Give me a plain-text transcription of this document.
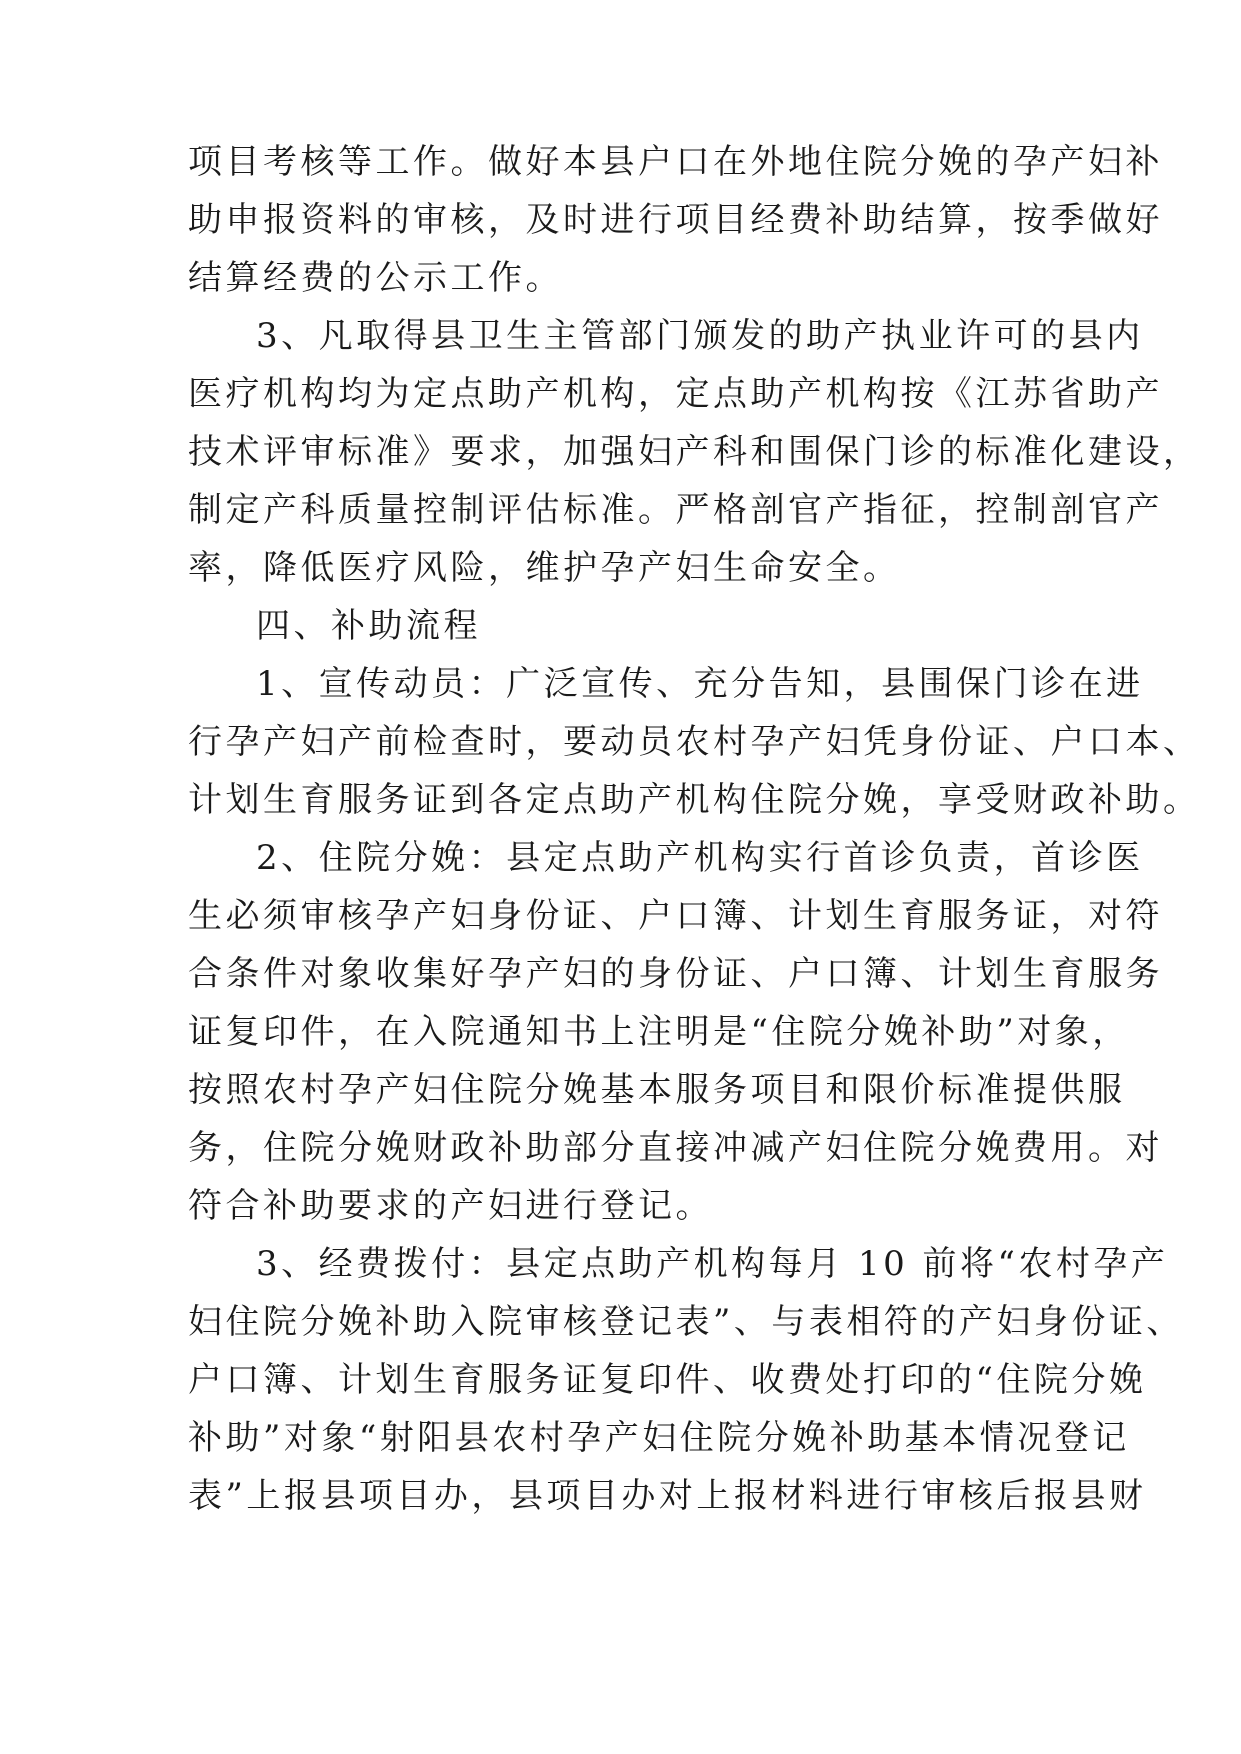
项目考核等工作。做好本县户口在外地住院分娩的孕产妇补
助申报资料的审核，及时进行项目经费补助结算，按季做好
结算经费的公示工作。
3、凡取得县卫生主管部门颁发的助产执业许可的县内
医疗机构均为定点助产机构，定点助产机构按《江苏省助产
技术评审标准》要求，加强妇产科和围保门诊的标准化建设，
制定产科质量控制评估标准。严格剖官产指征，控制剖官产
率，降低医疗风险，维护孕产妇生命安全。
四、补助流程
1、宣传动员：广泛宣传、充分告知，县围保门诊在进
行孕产妇产前检查时，要动员农村孕产妇凭身份证、户口本、
计划生育服务证到各定点助产机构住院分娩，享受财政补助。
2、住院分娩：县定点助产机构实行首诊负责，首诊医
生必须审核孕产妇身份证、户口簿、计划生育服务证，对符
合条件对象收集好孕产妇的身份证、户口簿、计划生育服务
证复印件，在入院通知书上注明是“住院分娩补助”对象，
按照农村孕产妇住院分娩基本服务项目和限价标准提供服
务，住院分娩财政补助部分直接冲减产妇住院分娩费用。对
符合补助要求的产妇进行登记。
3、经费拨付：县定点助产机构每月 10 前将“农村孕产
妇住院分娩补助入院审核登记表”、与表相符的产妇身份证、
户口簿、计划生育服务证复印件、收费处打印的“住院分娩
补助”对象“射阳县农村孕产妇住院分娩补助基本情况登记
表”上报县项目办，县项目办对上报材料进行审核后报县财
